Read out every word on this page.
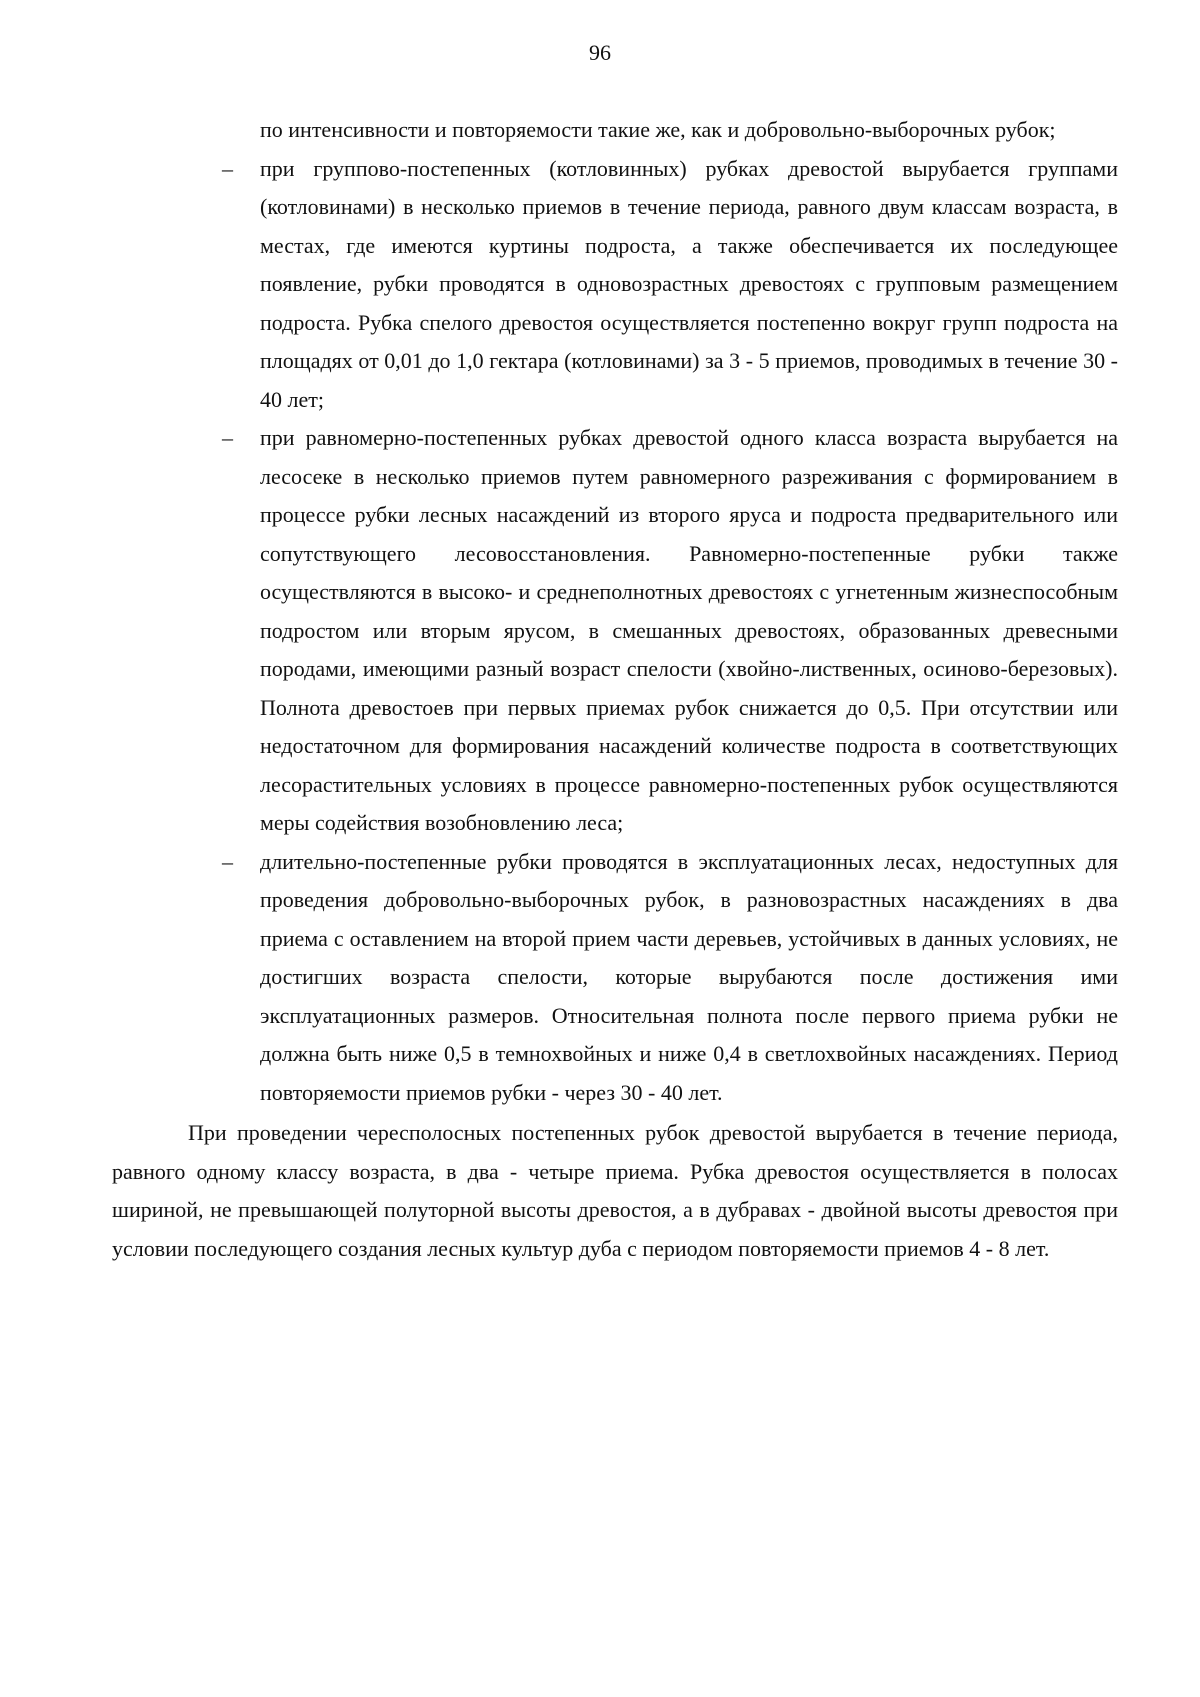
96
по интенсивности и повторяемости такие же, как и добровольно-выборочных рубок;
–	при группово-постепенных (котловинных) рубках древостой вырубается группами (котловинами) в несколько приемов в течение периода, равного двум классам возраста, в местах, где имеются куртины подроста, а также обеспечивается их последующее появление, рубки проводятся в одновозрастных древостоях с групповым размещением подроста. Рубка спелого древостоя осуществляется постепенно вокруг групп подроста на площадях от 0,01 до 1,0 гектара (котловинами) за 3 - 5 приемов, проводимых в течение 30 - 40 лет;
–	при равномерно-постепенных рубках древостой одного класса возраста вырубается на лесосеке в несколько приемов путем равномерного разреживания с формированием в процессе рубки лесных насаждений из второго яруса и подроста предварительного или сопутствующего лесовосстановления. Равномерно-постепенные рубки также осуществляются в высоко- и среднеполнотных древостоях с угнетенным жизнеспособным подростом или вторым ярусом, в смешанных древостоях, образованных древесными породами, имеющими разный возраст спелости (хвойно-лиственных, осиново-березовых). Полнота древостоев при первых приемах рубок снижается до 0,5. При отсутствии или недостаточном для формирования насаждений количестве подроста в соответствующих лесорастительных условиях в процессе равномерно-постепенных рубок осуществляются меры содействия возобновлению леса;
–	длительно-постепенные рубки проводятся в эксплуатационных лесах, недоступных для проведения добровольно-выборочных рубок, в разновозрастных насаждениях в два приема с оставлением на второй прием части деревьев, устойчивых в данных условиях, не достигших возраста спелости, которые вырубаются после достижения ими эксплуатационных размеров. Относительная полнота после первого приема рубки не должна быть ниже 0,5 в темнохвойных и ниже 0,4 в светлохвойных насаждениях. Период повторяемости приемов рубки - через 30 - 40 лет.

При проведении чересполосных постепенных рубок древостой вырубается в течение периода, равного одному классу возраста, в два - четыре приема. Рубка древостоя осуществляется в полосах шириной, не превышающей полуторной высоты древостоя, а в дубравах - двойной высоты древостоя при условии последующего создания лесных культур дуба с периодом повторяемости приемов 4 - 8 лет.
